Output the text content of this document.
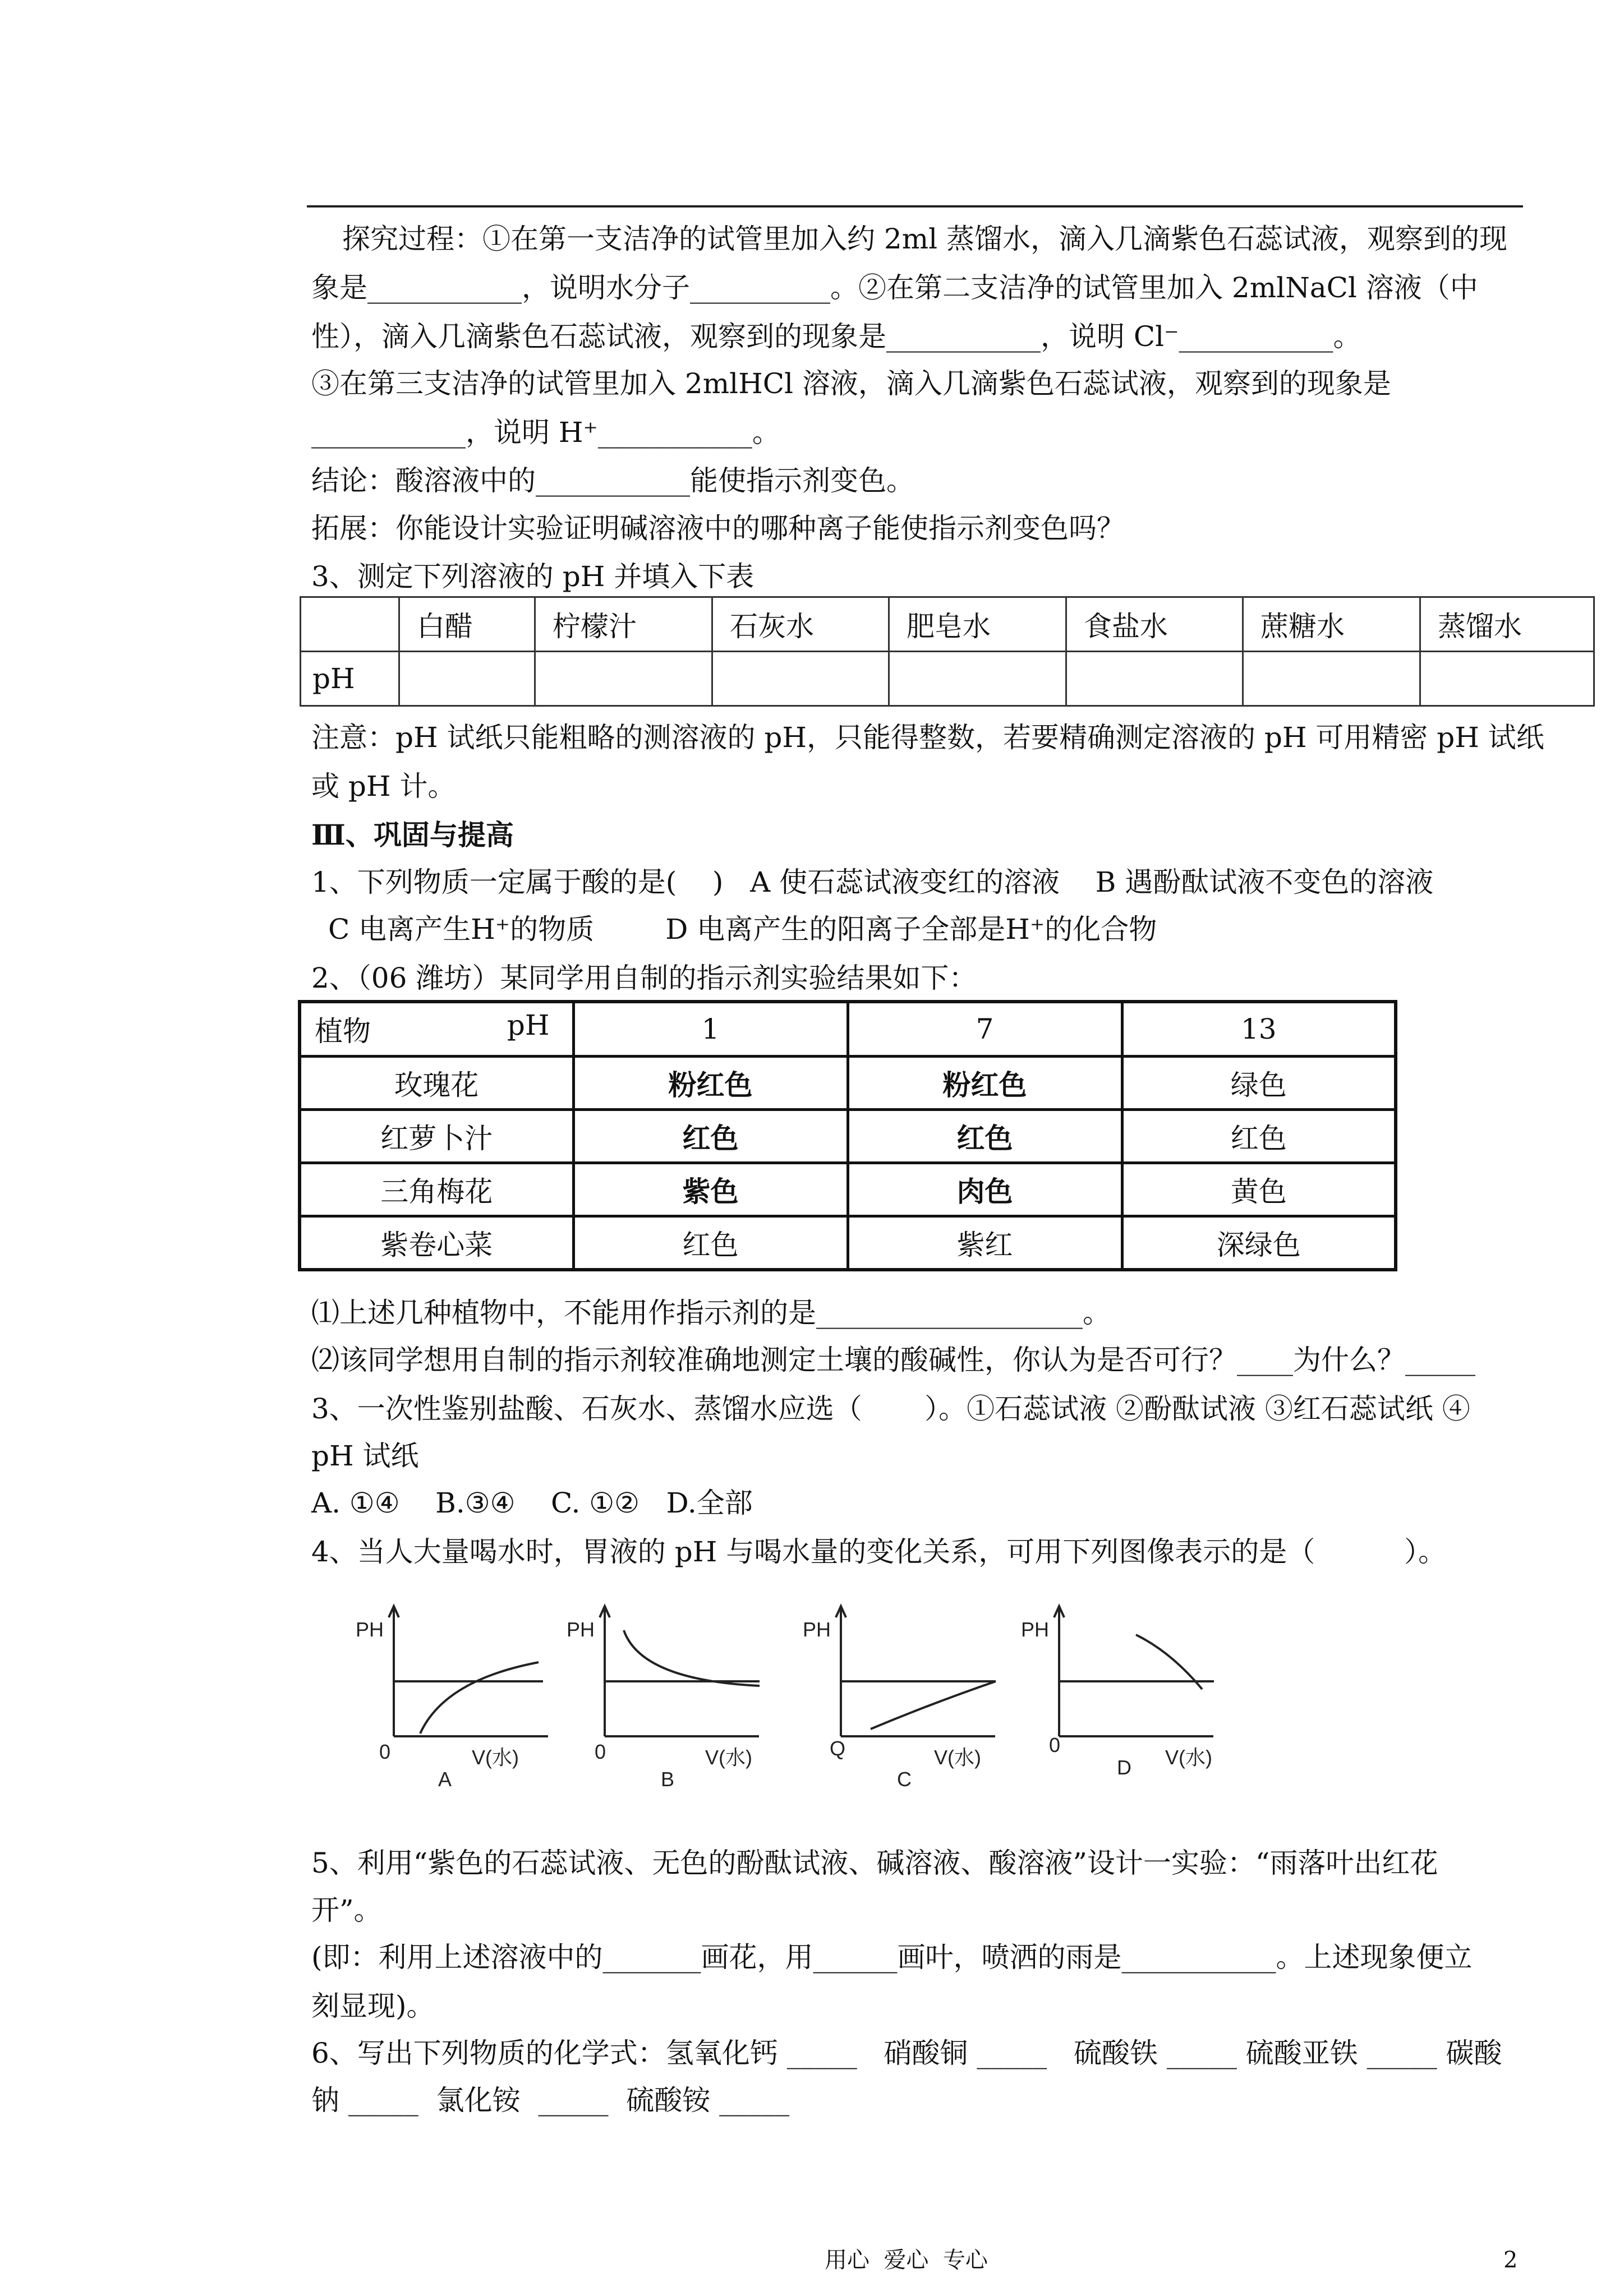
探究过程：①在第一支洁净的试管里加入约 2ml 蒸馏水，滴入几滴紫色石蕊试液，观察到的现
象是___________，说明水分子__________。②在第二支洁净的试管里加入 2mlNaCl 溶液（中
性），滴入几滴紫色石蕊试液，观察到的现象是___________，说明 Cl⁻___________。
③在第三支洁净的试管里加入 2mlHCl 溶液，滴入几滴紫色石蕊试液，观察到的现象是
___________，说明 H⁺___________。
结论：酸溶液中的___________能使指示剂变色。
拓展：你能设计实验证明碱溶液中的哪种离子能使指示剂变色吗？
3、测定下列溶液的 pH 并填入下表
	白醋	柠檬汁	石灰水	肥皂水	食盐水	蔗糖水	蒸馏水
pH							
注意：pH 试纸只能粗略的测溶液的 pH，只能得整数，若要精确测定溶液的 pH 可用精密 pH 试纸
或 pH 计。
Ⅲ、巩固与提高
1、下列物质一定属于酸的是(    )   A 使石蕊试液变红的溶液    B 遇酚酞试液不变色的溶液
C 电离产生H⁺的物质        D 电离产生的阳离子全部是H⁺的化合物
2、（06 潍坊）某同学用自制的指示剂实验结果如下：
植物 pH	1	7	13
玫瑰花	粉红色	粉红色	绿色
红萝卜汁	红色	红色	红色
三角梅花	紫色	肉色	黄色
紫卷心菜	红色	紫红	深绿色
⑴上述几种植物中，不能用作指示剂的是___________________。
⑵该同学想用自制的指示剂较准确地测定土壤的酸碱性，你认为是否可行？____为什么？_____
3、一次性鉴别盐酸、石灰水、蒸馏水应选（       ）。①石蕊试液 ②酚酞试液 ③红石蕊试纸 ④
pH 试纸
A. ①④    B.③④    C. ①②   D.全部
4、当人大量喝水时，胃液的 pH 与喝水量的变化关系，可用下列图像表示的是（          ）。
PH
0	V(水)
A
PH
0	V(水)
B
PH
Q	V(水)
C
PH
0
V(水)
D
5、利用“紫色的石蕊试液、无色的酚酞试液、碱溶液、酸溶液”设计一实验：“雨落叶出红花
开”。
(即：利用上述溶液中的_______画花，用______画叶，喷洒的雨是___________。上述现象便立
刻显现)。
6、写出下列物质的化学式：氢氧化钙 _____   硝酸铜 _____   硫酸铁 _____ 硫酸亚铁 _____ 碳酸
钠 _____  氯化铵  _____  硫酸铵 _____
用心  爱心  专心	2
